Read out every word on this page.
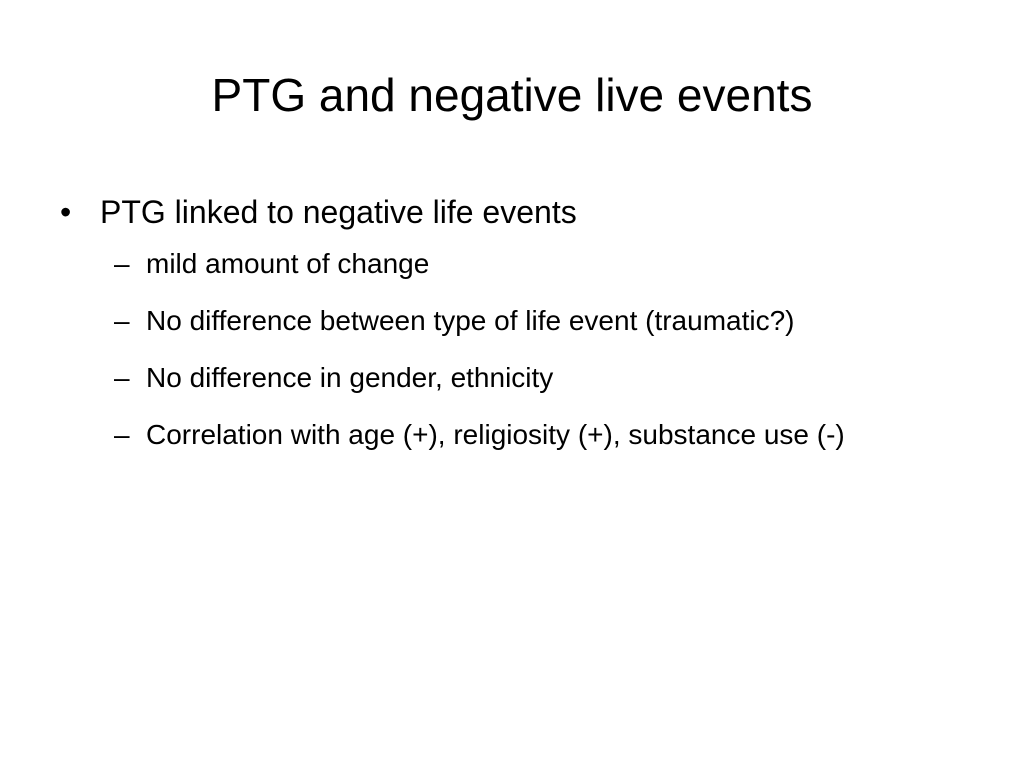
PTG and negative live events
• PTG linked to negative life events
– mild amount of change
– No difference between type of life event (traumatic?)
– No difference in gender, ethnicity
– Correlation with age (+), religiosity (+), substance use (-)
